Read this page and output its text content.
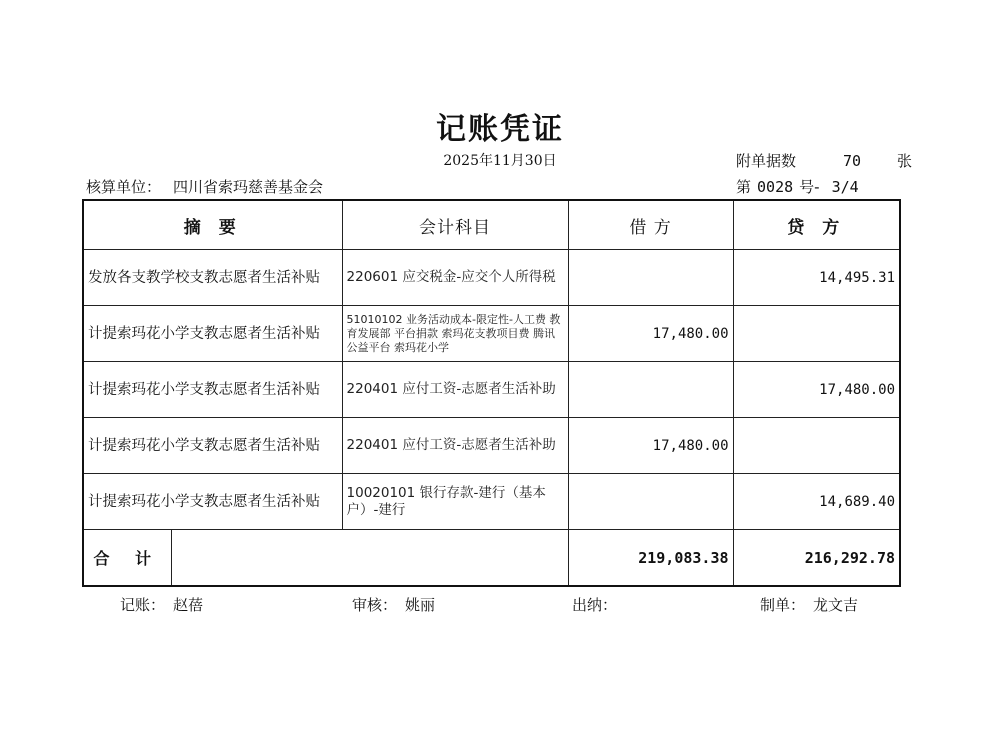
记账凭证
2025年11月30日	附单据数	70 张
核算单位： 四川省索玛慈善基金会	第 0028 号- 3/4
摘 要		会计科目	借 方	贷 方
发放各支教学校支教志愿者生活补贴		220601 应交税金-应交个人所得税		14,495.31
计提索玛花小学支教志愿者生活补贴		51010102 业务活动成本-限定性-人工费 教育发展部 平台捐款 索玛花支教项目费 腾讯公益平台 索玛花小学	17,480.00	
计提索玛花小学支教志愿者生活补贴		220401 应付工资-志愿者生活补助		17,480.00
计提索玛花小学支教志愿者生活补贴		220401 应付工资-志愿者生活补助	17,480.00	
计提索玛花小学支教志愿者生活补贴		10020101 银行存款-建行（基本户）-建行		14,689.40
合 计			219,083.38	216,292.78
记账： 赵蓓	审核： 姚丽	出纳：	制单： 龙文吉
